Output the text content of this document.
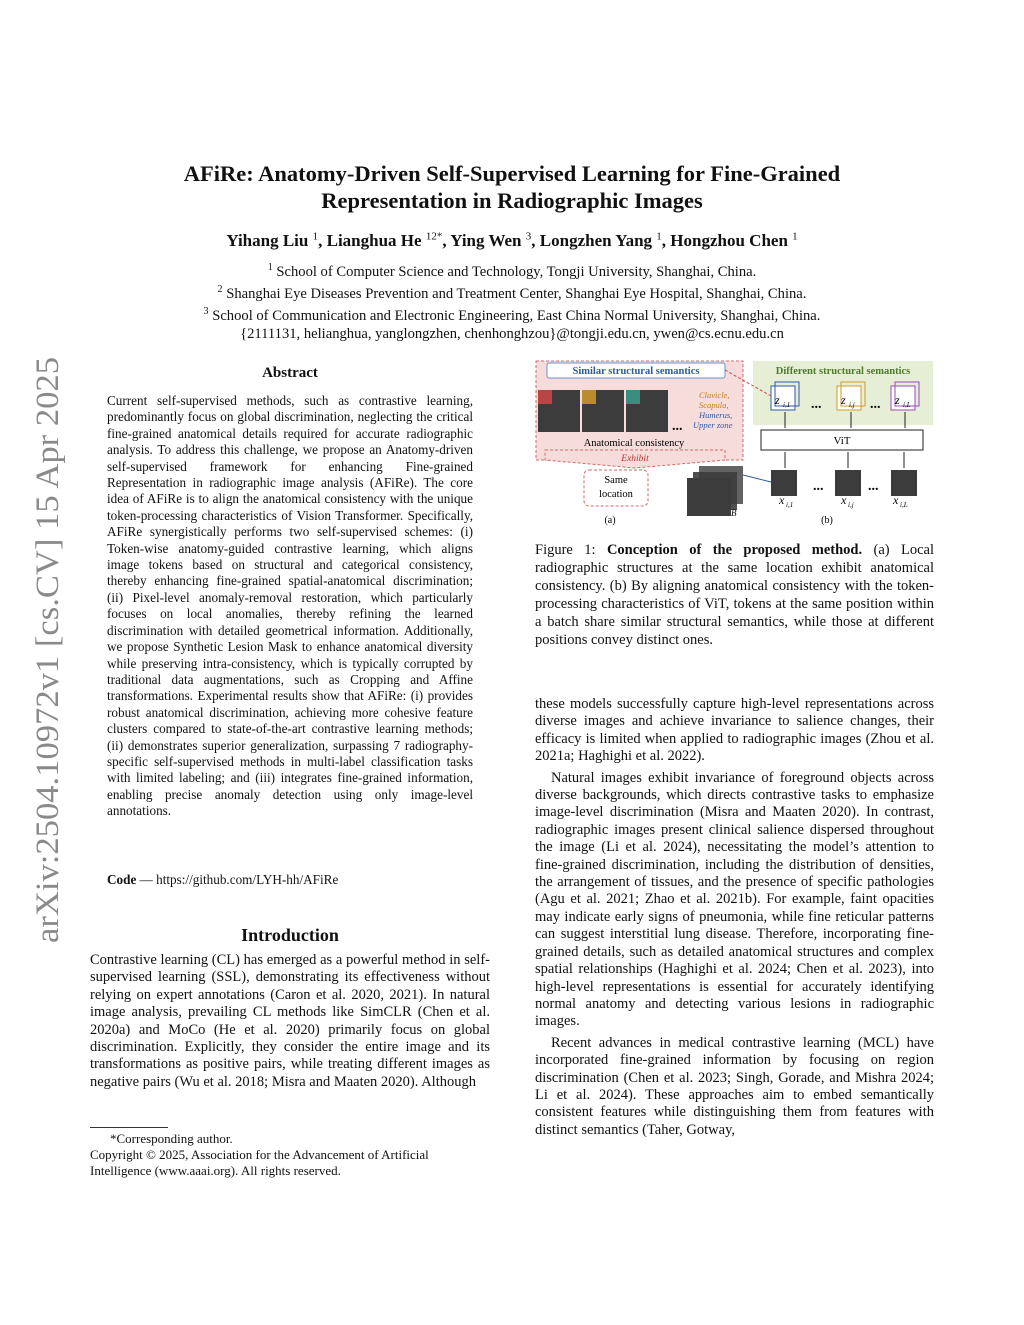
arXiv:2504.10972v1 [cs.CV] 15 Apr 2025
AFiRe: Anatomy-Driven Self-Supervised Learning for Fine-Grained
Representation in Radiographic Images
Yihang Liu $^1$, Lianghua He $^{12*}$, Ying Wen $^3$, Longzhen Yang $^1$, Hongzhou Chen $^1$
$^1$ School of Computer Science and Technology, Tongji University, Shanghai, China.
$^2$ Shanghai Eye Diseases Prevention and Treatment Center, Shanghai Eye Hospital, Shanghai, China.
$^3$ School of Communication and Electronic Engineering, East China Normal University, Shanghai, China.
{2111131, helianghua, yanglongzhen, chenhonghzou}@tongji.edu.cn, ywen@cs.ecnu.edu.cn
Abstract
Current self-supervised methods, such as contrastive learning, predominantly focus on global discrimination, neglecting the critical fine-grained anatomical details required for accurate radiographic analysis. To address this challenge, we propose an Anatomy-driven self-supervised framework for enhancing Fine-grained Representation in radiographic image analysis (AFiRe). The core idea of AFiRe is to align the anatomical consistency with the unique token-processing characteristics of Vision Transformer. Specifically, AFiRe synergistically performs two self-supervised schemes: (i) Token-wise anatomy-guided contrastive learning, which aligns image tokens based on structural and categorical consistency, thereby enhancing fine-grained spatial-anatomical discrimination; (ii) Pixel-level anomaly-removal restoration, which particularly focuses on local anomalies, thereby refining the learned discrimination with detailed geometrical information. Additionally, we propose Synthetic Lesion Mask to enhance anatomical diversity while preserving intra-consistency, which is typically corrupted by traditional data augmentations, such as Cropping and Affine transformations. Experimental results show that AFiRe: (i) provides robust anatomical discrimination, achieving more cohesive feature clusters compared to state-of-the-art contrastive learning methods; (ii) demonstrates superior generalization, surpassing 7 radiography-specific self-supervised methods in multi-label classification tasks with limited labeling; and (iii) integrates fine-grained information, enabling precise anomaly detection using only image-level annotations.
Code — https://github.com/LYH-hh/AFiRe
Introduction

Contrastive learning (CL) has emerged as a powerful method in self-supervised learning (SSL), demonstrating its effectiveness without relying on expert annotations (Caron et al. 2020, 2021). In natural image analysis, prevailing CL methods like SimCLR (Chen et al. 2020a) and MoCo (He et al. 2020) primarily focus on global discrimination. Explicitly, they consider the entire image and its transformations as positive pairs, while treating different images as negative pairs (Wu et al. 2018; Misra and Maaten 2020). Although

*Corresponding author.
Copyright © 2025, Association for the Advancement of Artificial Intelligence (www.aaai.org). All rights reserved.
Similar structural semantics
...
Clavicle,
Scapula,
Humerus,
Upper zone
Anatomical consistency
Exhibit
Same
location
B
(a)
Different structural semantics
z i,1 ... z i,j ... z i,L
ViT
x i,1
...
x i,j
...
x i,L
(b)
Figure 1: Conception of the proposed method. (a) Local radiographic structures at the same location exhibit anatomical consistency. (b) By aligning anatomical consistency with the token-processing characteristics of ViT, tokens at the same position within a batch share similar structural semantics, while those at different positions convey distinct ones.

these models successfully capture high-level representations across diverse images and achieve invariance to salience changes, their efficacy is limited when applied to radiographic images (Zhou et al. 2021a; Haghighi et al. 2022).

Natural images exhibit invariance of foreground objects across diverse backgrounds, which directs contrastive tasks to emphasize image-level discrimination (Misra and Maaten 2020). In contrast, radiographic images present clinical salience dispersed throughout the image (Li et al. 2024), necessitating the model’s attention to fine-grained discrimination, including the distribution of densities, the arrangement of tissues, and the presence of specific pathologies (Agu et al. 2021; Zhao et al. 2021b). For example, faint opacities may indicate early signs of pneumonia, while fine reticular patterns can suggest interstitial lung disease. Therefore, incorporating fine-grained details, such as detailed anatomical structures and complex spatial relationships (Haghighi et al. 2024; Chen et al. 2023), into high-level representations is essential for accurately identifying normal anatomy and detecting various lesions in radiographic images.

Recent advances in medical contrastive learning (MCL) have incorporated fine-grained information by focusing on region discrimination (Chen et al. 2023; Singh, Gorade, and Mishra 2024; Li et al. 2024). These approaches aim to embed semantically consistent features while distinguishing them from features with distinct semantics (Taher, Gotway,
